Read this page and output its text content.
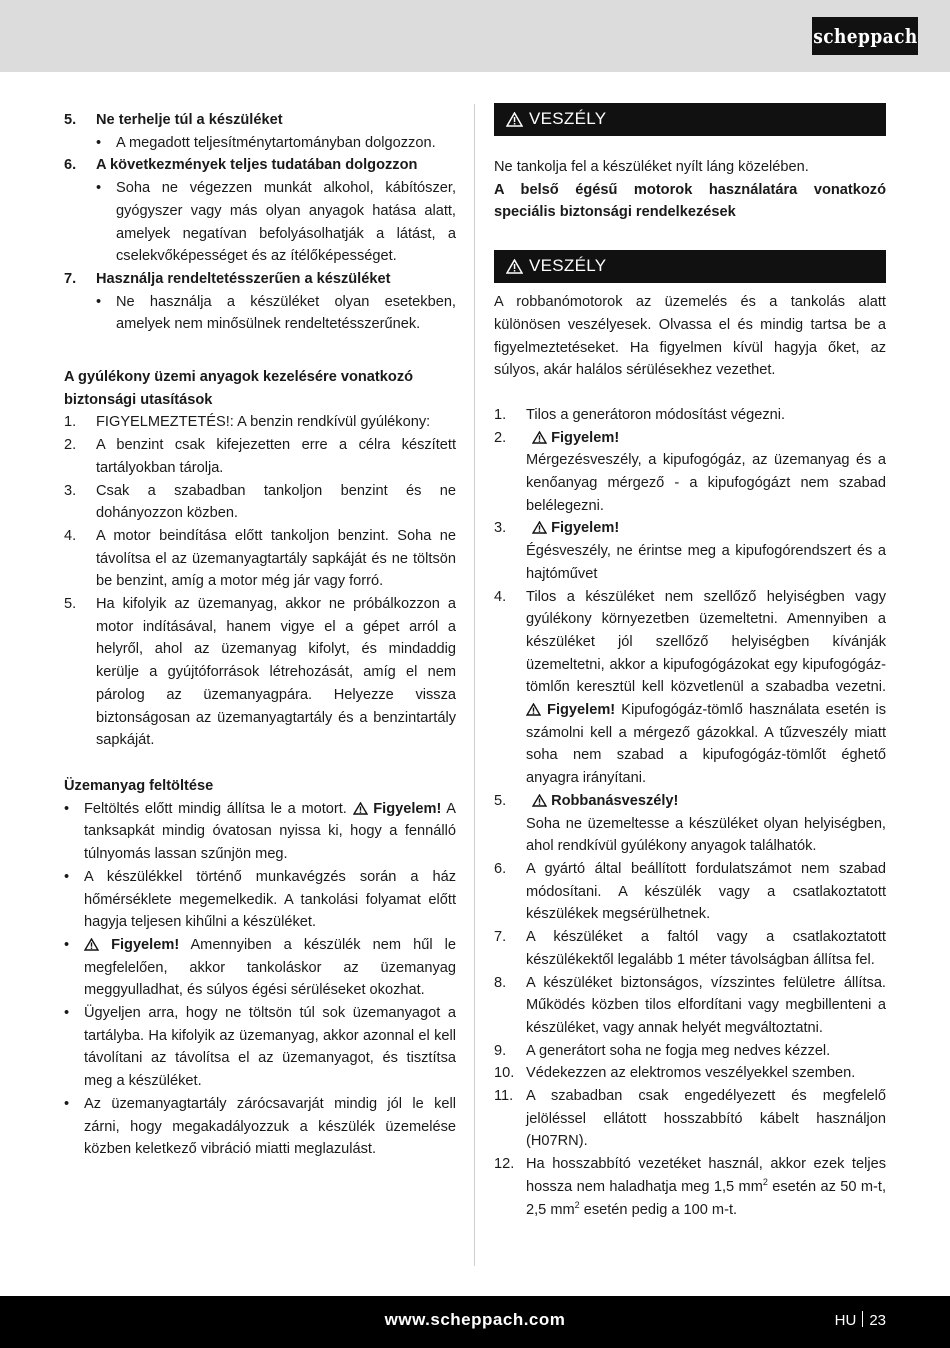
scheppach
5.	Ne terhelje túl a készüléket
•	A megadott teljesítménytartományban dolgozzon.
6.	A következmények teljes tudatában dolgozzon
•	Soha ne végezzen munkát alkohol, kábítószer, gyógyszer vagy más olyan anyagok hatása alatt, amelyek negatívan befolyásolhatják a látást, a cselekvőképességet és az ítélőképességet.
7.	Használja rendeltetésszerűen a készüléket
•	Ne használja a készüléket olyan esetekben, amelyek nem minősülnek rendeltetésszerűnek.

A gyúlékony üzemi anyagok kezelésére vonatkozó biztonsági utasítások

1.	FIGYELMEZTETÉS!: A benzin rendkívül gyúlékony:
2.	A benzint csak kifejezetten erre a célra készített tartályokban tárolja.
3.	Csak a szabadban tankoljon benzint és ne dohányozzon közben.
4.	A motor beindítása előtt tankoljon benzint. Soha ne távolítsa el az üzemanyagtartály sapkáját és ne töltsön be benzint, amíg a motor még jár vagy forró.
5.	Ha kifolyik az üzemanyag, akkor ne próbálkozzon a motor indításával, hanem vigye el a gépet arról a helyről, ahol az üzemanyag kifolyt, és mindaddig kerülje a gyújtóforrások létrehozását, amíg el nem párolog az üzemanyagpára. Helyezze vissza biztonságosan az üzemanyagtartály és a benzintartály sapkáját.

Üzemanyag feltöltése

•	Feltöltés előtt mindig állítsa le a motort. Figyelem! A tanksapkát mindig óvatosan nyissa ki, hogy a fennálló túlnyomás lassan szűnjön meg.
•	A készülékkel történő munkavégzés során a ház hőmérséklete megemelkedik. A tankolási folyamat előtt hagyja teljesen kihűlni a készüléket.
•	Figyelem! Amennyiben a készülék nem hűl le megfelelően, akkor tankoláskor az üzemanyag meggyulladhat, és súlyos égési sérüléseket okozhat.
•	Ügyeljen arra, hogy ne töltsön túl sok üzemanyagot a tartályba. Ha kifolyik az üzemanyag, akkor azonnal el kell távolítani az távolítsa el az üzemanyagot, és tisztítsa meg a készüléket.
•	Az üzemanyagtartály zárócsavarját mindig jól le kell zárni, hogy megakadályozzuk a készülék üzemelése közben keletkező vibráció miatti meglazulást.
VESZÉLY

Ne tankolja fel a készüléket nyílt láng közelében.

A belső égésű motorok használatára vonatkozó speciális biztonsági rendelkezések

VESZÉLY

A robbanómotorok az üzemelés és a tankolás alatt különösen veszélyesek. Olvassa el és mindig tartsa be a figyelmeztetéseket. Ha figyelmen kívül hagyja őket, az súlyos, akár halálos sérülésekhez vezethet.

1.	Tilos a generátoron módosítást végezni.
2.	Figyelem!
Mérgezésveszély, a kipufogógáz, az üzemanyag és a kenőanyag mérgező - a kipufogógázt nem szabad belélegezni.
3.	Figyelem!
Égésveszély, ne érintse meg a kipufogórendszert és a hajtóművet
4.	Tilos a készüléket nem szellőző helyiségben vagy gyúlékony környezetben üzemeltetni. Amennyiben a készüléket jól szellőző helyiségben kívánják üzemeltetni, akkor a kipufogógázokat egy kipufogógáz-tömlőn keresztül kell közvetlenül a szabadba vezetni.
Figyelem! Kipufogógáz-tömlő használata esetén is számolni kell a mérgező gázokkal. A tűzveszély miatt soha nem szabad a kipufogógáz-tömlőt éghető anyagra irányítani.
5.	Robbanásveszély!
Soha ne üzemeltesse a készüléket olyan helyiségben, ahol rendkívül gyúlékony anyagok találhatók.
6.	A gyártó által beállított fordulatszámot nem szabad módosítani. A készülék vagy a csatlakoztatott készülékek megsérülhetnek.
7.	A készüléket a faltól vagy a csatlakoztatott készülékektől legalább 1 méter távolságban állítsa fel.
8.	A készüléket biztonságos, vízszintes felületre állítsa. Működés közben tilos elfordítani vagy megbillenteni a készüléket, vagy annak helyét megváltoztatni.
9.	A generátort soha ne fogja meg nedves kézzel.
10. Védekezzen az elektromos veszélyekkel szemben.
11. A szabadban csak engedélyezett és megfelelő jelöléssel ellátott hosszabbító kábelt használjon (H07RN).
12. Ha hosszabbító vezetéket használ, akkor ezek teljes hossza nem haladhatja meg 1,5 $mm^2$ esetén az 50 m-t, 2,5 $mm^2$ esetén pedig a 100 m-t.
www.scheppach.com	HU 23
